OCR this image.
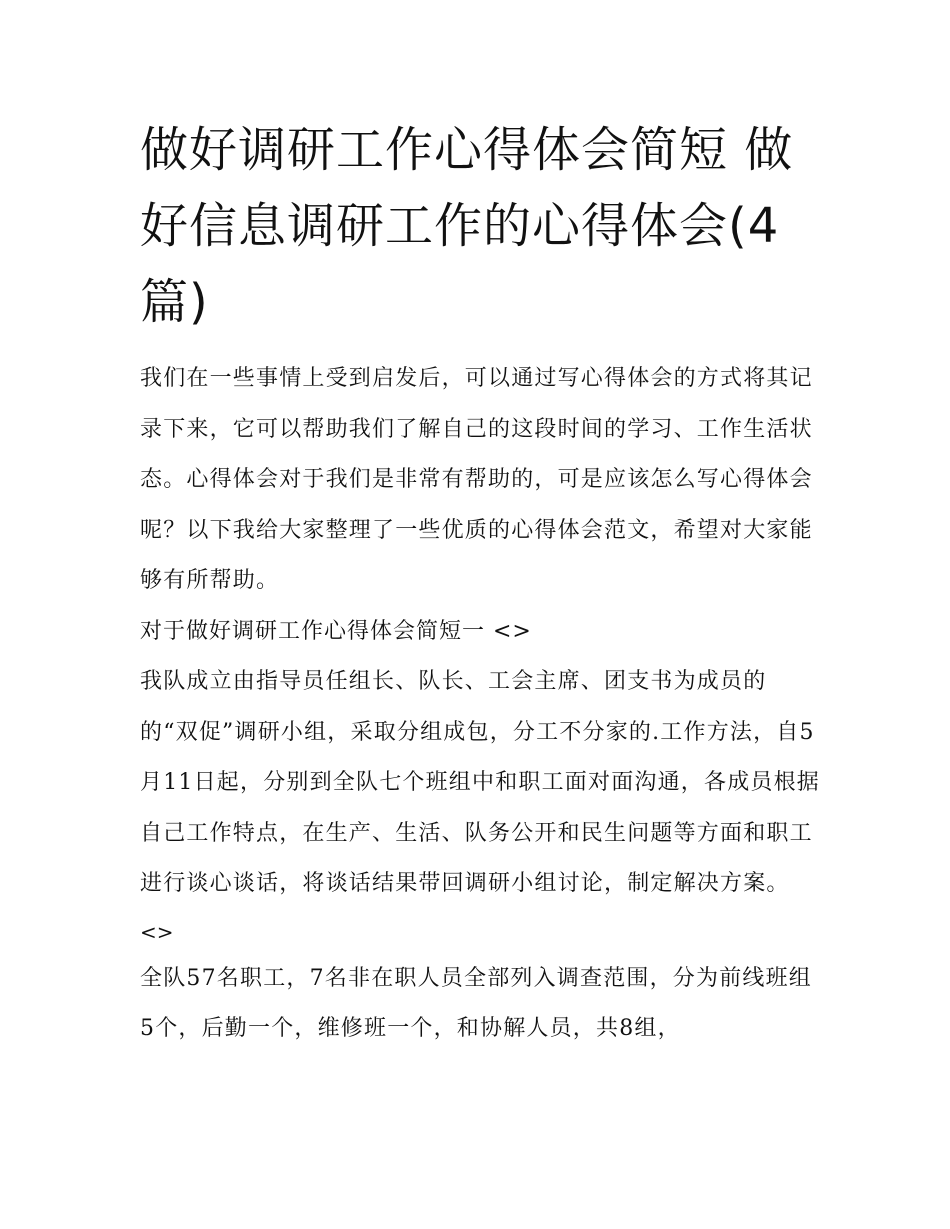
做好调研工作心得体会简短 做好信息调研工作的心得体会(4篇)

我们在一些事情上受到启发后，可以通过写心得体会的方式将其记录下来，它可以帮助我们了解自己的这段时间的学习、工作生活状态。心得体会对于我们是非常有帮助的，可是应该怎么写心得体会呢？以下我给大家整理了一些优质的心得体会范文，希望对大家能够有所帮助。

对于做好调研工作心得体会简短一 <>

我队成立由指导员任组长、队长、工会主席、团支书为成员的的“双促”调研小组，采取分组成包，分工不分家的.工作方法，自5月11日起，分别到全队七个班组中和职工面对面沟通，各成员根据自己工作特点，在生产、生活、队务公开和民生问题等方面和职工进行谈心谈话，将谈话结果带回调研小组讨论，制定解决方案。

<>

全队57名职工，7名非在职人员全部列入调查范围，分为前线班组5个，后勤一个，维修班一个，和协解人员，共8组，
